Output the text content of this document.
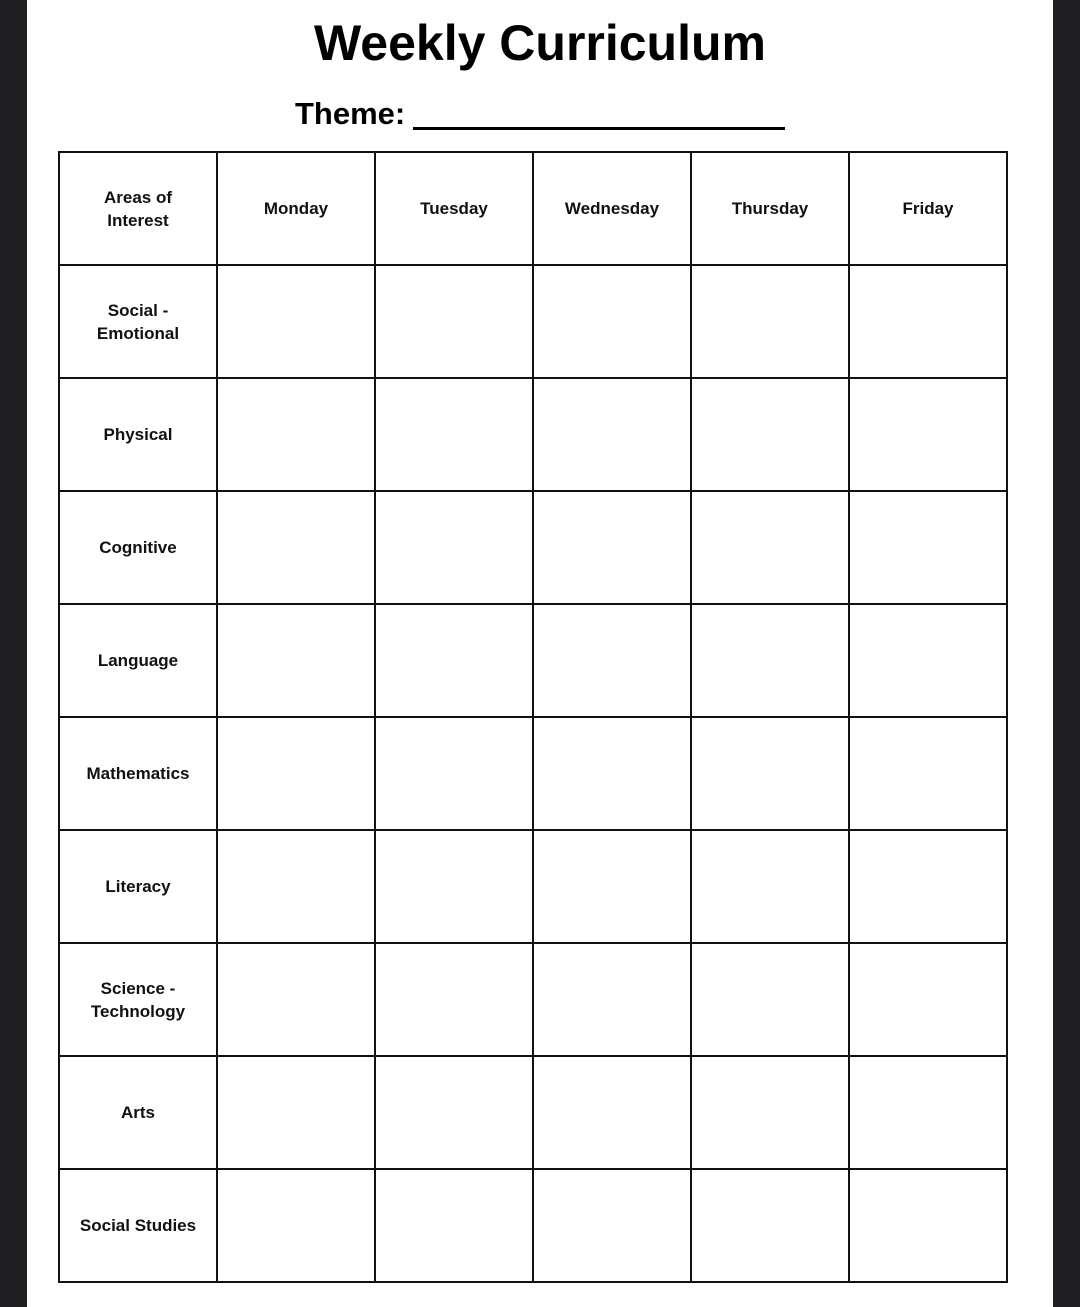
Weekly Curriculum
Theme:
Areas of
Interest	Monday	Tuesday	Wednesday	Thursday	Friday

Social -
Emotional					

Physical					

Cognitive					

Language					

Mathematics					

Literacy					

Science -
Technology					

Arts					

Social Studies					
